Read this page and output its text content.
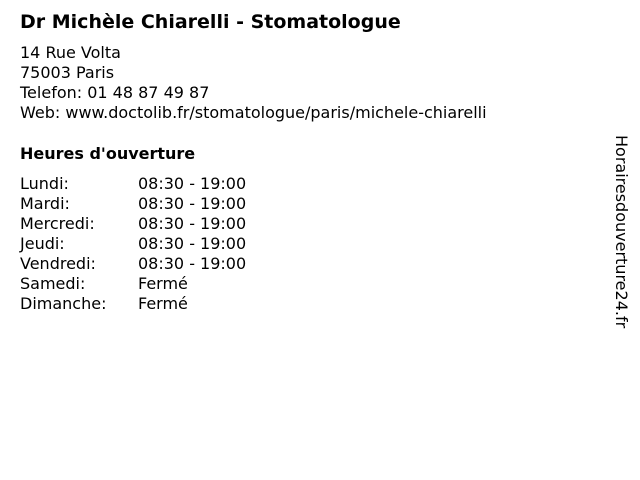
Dr Michèle Chiarelli - Stomatologue
14 Rue Volta
75003 Paris
Telefon: 01 48 87 49 87
Web: www.doctolib.fr/stomatologue/paris/michele-chiarelli
Heures d'ouverture
Lundi:	08:30 - 19:00
Mardi:	08:30 - 19:00
Mercredi:	08:30 - 19:00
Jeudi:	08:30 - 19:00
Vendredi:	08:30 - 19:00
Samedi:	Fermé
Dimanche:	Fermé	Horairesdouverture24.fr
